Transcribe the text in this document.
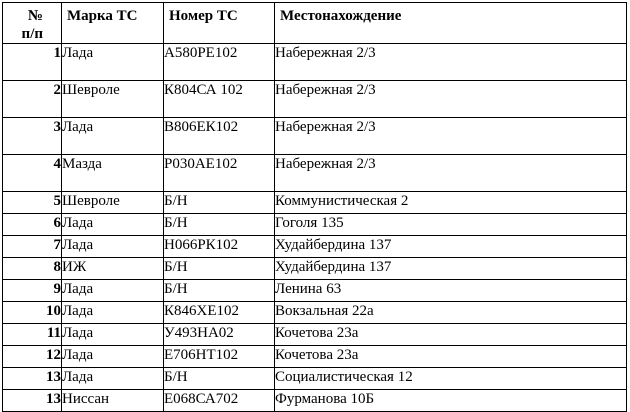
№
п/п	Марка ТС	Номер ТС	Местонахождение

1	Лада	А580РЕ102	Набережная 2/3
2	Шевроле	К804СА 102	Набережная 2/3
3	Лада	В806ЕК102	Набережная 2/3
4	Мазда	Р030АЕ102	Набережная 2/3
5	Шевроле	Б/Н	Коммунистическая 2
6	Лада	Б/Н	Гоголя 135
7	Лада	Н066РК102	Худайбердина 137
8	ИЖ	Б/Н	Худайбердина 137
9	Лада	Б/Н	Ленина 63
10	Лада	К846ХЕ102	Вокзальная 22а
11	Лада	У493НА02	Кочетова 23а
12	Лада	Е706НТ102	Кочетова 23а
13	Лада	Б/Н	Социалистическая 12
13	Ниссан	Е068СА702	Фурманова 10Б
